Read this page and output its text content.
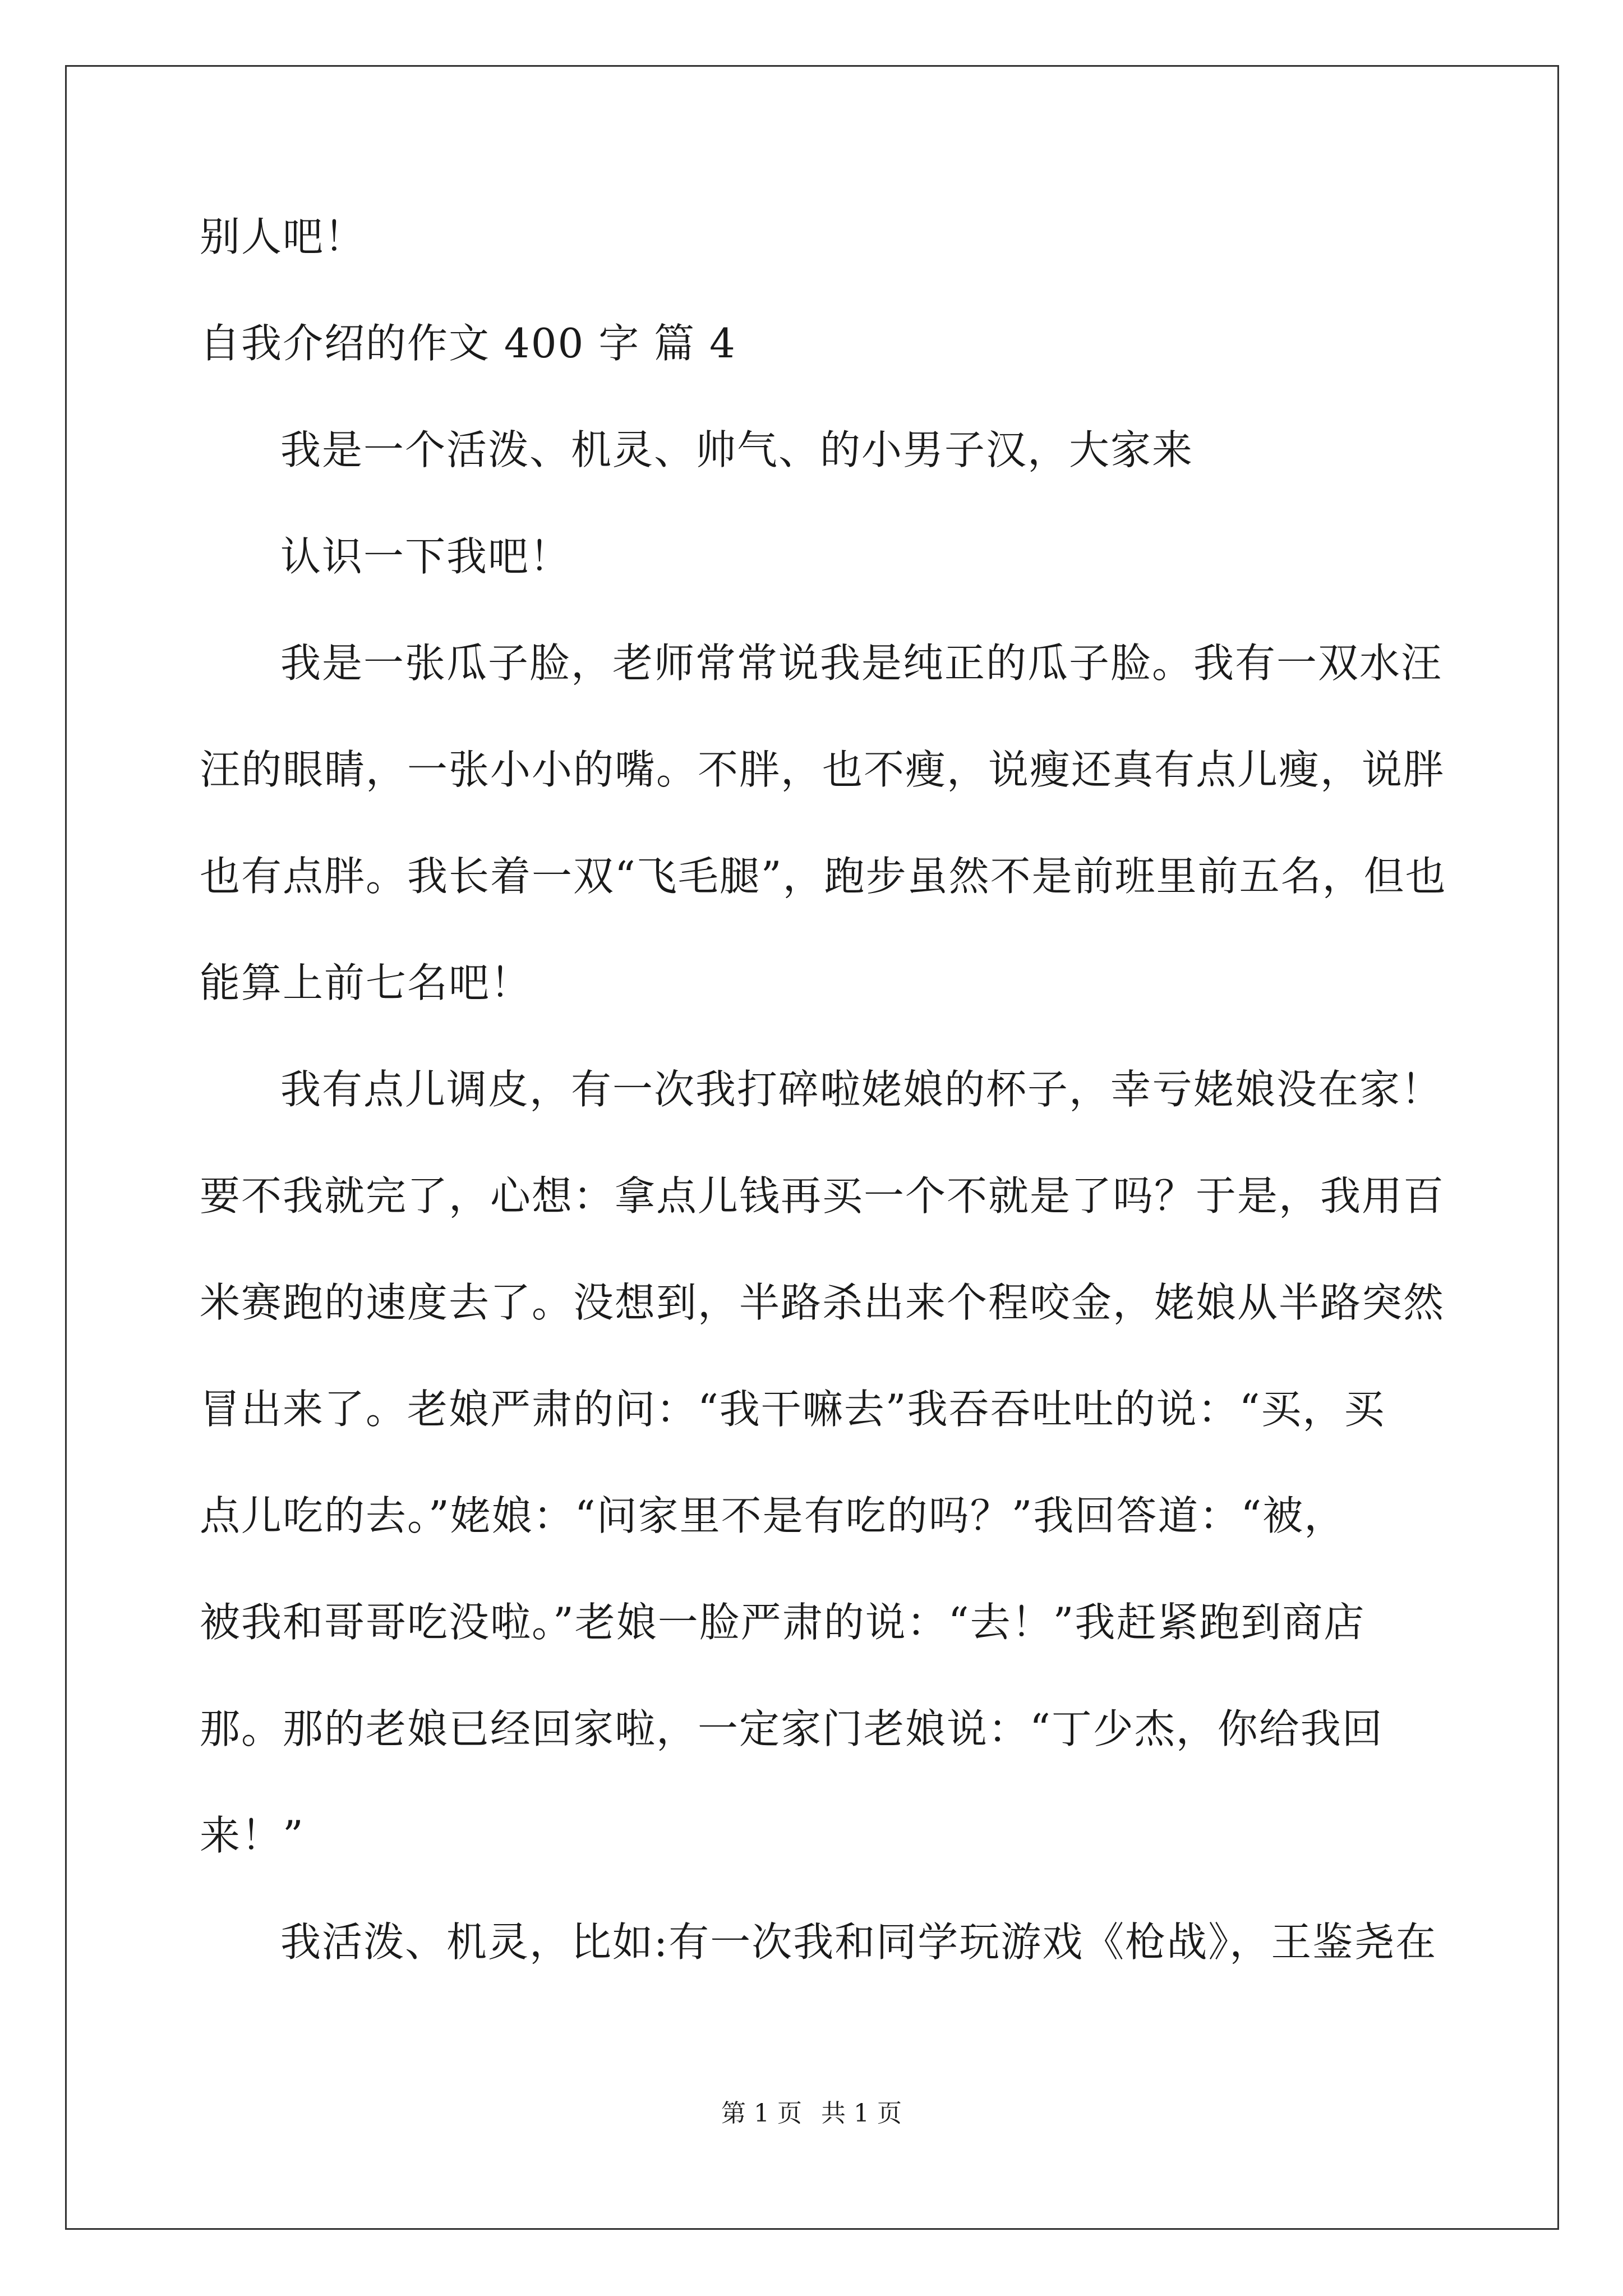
别人吧！
自我介绍的作文 400 字 篇 4
我是一个活泼、机灵、帅气、的小男子汉，大家来
认识一下我吧！
我是一张瓜子脸，老师常常说我是纯正的瓜子脸。我有一双水汪
汪的眼睛，一张小小的嘴。不胖，也不瘦，说瘦还真有点儿瘦，说胖
也有点胖。我长着一双“飞毛腿”，跑步虽然不是前班里前五名，但也
能算上前七名吧！
我有点儿调皮，有一次我打碎啦姥娘的杯子，幸亏姥娘没在家！
要不我就完了，心想：拿点儿钱再买一个不就是了吗？于是，我用百
米赛跑的速度去了。没想到，半路杀出来个程咬金，姥娘从半路突然
冒出来了。老娘严肃的问：“我干嘛去”我吞吞吐吐的说：“买，买
点儿吃的去。”姥娘：“问家里不是有吃的吗？”我回答道：“被，
被我和哥哥吃没啦。”老娘一脸严肃的说：“去！”我赶紧跑到商店
那。那的老娘已经回家啦，一定家门老娘说：“丁少杰，你给我回
来！”
我活泼、机灵，比如:有一次我和同学玩游戏《枪战》，王鉴尧在
第 1 页 共 1 页
